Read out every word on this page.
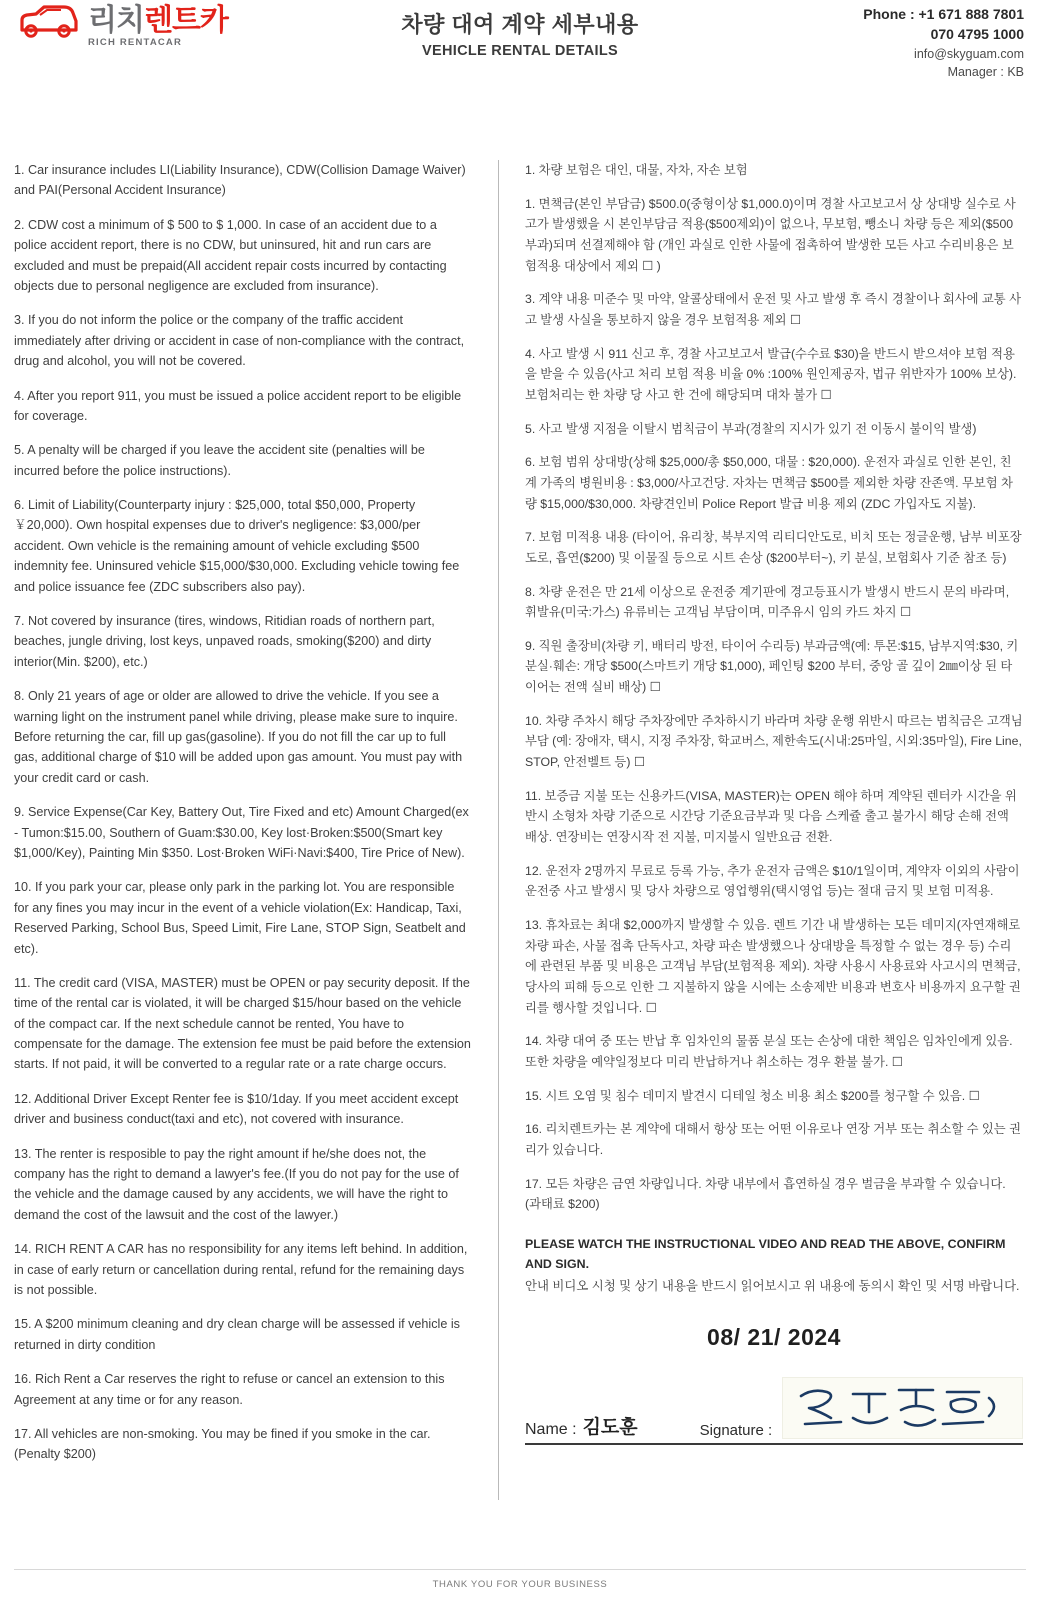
리치렌트카
RICH RENTACAR
차량 대여 계약 세부내용
VEHICLE RENTAL DETAILS
Phone : +1 671 888 7801
070 4795 1000
info@skyguam.com
Manager : KB
1. Car insurance includes LI(Liability Insurance), CDW(Collision Damage Waiver) and PAI(Personal Accident Insurance)
2. CDW cost a minimum of $ 500 to $ 1,000. In case of an accident due to a police accident report, there is no CDW, but uninsured, hit and run cars are excluded and must be prepaid(All accident repair costs incurred by contacting objects due to personal negligence are excluded from insurance).
3. If you do not inform the police or the company of the traffic accident immediately after driving or accident in case of non-compliance with the contract, drug and alcohol, you will not be covered.
4. After you report 911, you must be issued a police accident report to be eligible for coverage.
5. A penalty will be charged if you leave the accident site (penalties will be incurred before the police instructions).
6. Limit of Liability(Counterparty injury : $25,000, total $50,000, Property ￥20,000). Own hospital expenses due to driver's negligence: $3,000/per accident. Own vehicle is the remaining amount of vehicle excluding $500 indemnity fee. Uninsured vehicle $15,000/$30,000. Excluding vehicle towing fee and police issuance fee (ZDC subscribers also pay).
7. Not covered by insurance (tires, windows, Ritidian roads of northern part, beaches, jungle driving, lost keys, unpaved roads, smoking($200) and dirty interior(Min. $200), etc.)
8. Only 21 years of age or older are allowed to drive the vehicle. If you see a warning light on the instrument panel while driving, please make sure to inquire. Before returning the car, fill up gas(gasoline). If you do not fill the car up to full gas, additional charge of $10 will be added upon gas amount. You must pay with your credit card or cash.
9. Service Expense(Car Key, Battery Out, Tire Fixed and etc) Amount Charged(ex - Tumon:$15.00, Southern of Guam:$30.00, Key lost·Broken:$500(Smart key $1,000/Key), Painting Min $350. Lost·Broken WiFi·Navi:$400, Tire Price of New).
10. If you park your car, please only park in the parking lot. You are responsible for any fines you may incur in the event of a vehicle violation(Ex: Handicap, Taxi, Reserved Parking, School Bus, Speed Limit, Fire Lane, STOP Sign, Seatbelt and etc).
11. The credit card (VISA, MASTER) must be OPEN or pay security deposit. If the time of the rental car is violated, it will be charged $15/hour based on the vehicle of the compact car. If the next schedule cannot be rented, You have to compensate for the damage. The extension fee must be paid before the extension starts. If not paid, it will be converted to a regular rate or a rate charge occurs.
12. Additional Driver Except Renter fee is $10/1day. If you meet accident except driver and business conduct(taxi and etc), not covered with insurance.
13. The renter is resposible to pay the right amount if he/she does not, the company has the right to demand a lawyer's fee.(If you do not pay for the use of the vehicle and the damage caused by any accidents, we will have the right to demand the cost of the lawsuit and the cost of the lawyer.)
14. RICH RENT A CAR has no responsibility for any items left behind. In addition, in case of early return or cancellation during rental, refund for the remaining days is not possible.
15. A $200 minimum cleaning and dry clean charge will be assessed if vehicle is returned in dirty condition
16. Rich Rent a Car reserves the right to refuse or cancel an extension to this Agreement at any time or for any reason.
17. All vehicles are non-smoking. You may be fined if you smoke in the car. (Penalty $200)
1. 차량 보험은 대인, 대물, 자차, 자손 보험
1. 면책금(본인 부담금) $500.0(중형이상 $1,000.0)이며 경찰 사고보고서 상 상대방 실수로 사고가 발생했을 시 본인부담금 적용($500제외)이 없으나, 무보험, 뺑소니 차량 등은 제외($500 부과)되며 선결제해야 함 (개인 과실로 인한 사물에 접촉하여 발생한 모든 사고 수리비용은 보험적용 대상에서 제외 ☐ )
3. 계약 내용 미준수 및 마약, 알콜상태에서 운전 및 사고 발생 후 즉시 경찰이나 회사에 교통 사고 발생 사실을 통보하지 않을 경우 보험적용 제외 ☐
4. 사고 발생 시 911 신고 후, 경찰 사고보고서 발급(수수료 $30)을 반드시 받으셔야 보험 적용을 받을 수 있음(사고 처리 보험 적용 비율 0% :100% 원인제공자, 법규 위반자가 100% 보상). 보험처리는 한 차량 당 사고 한 건에 해당되며 대차 불가 ☐
5. 사고 발생 지점을 이탈시 범칙금이 부과(경찰의 지시가 있기 전 이동시 불이익 발생)
6. 보험 범위 상대방(상해 $25,000/총 $50,000, 대물 : $20,000). 운전자 과실로 인한 본인, 친계 가족의 병원비용 : $3,000/사고건당. 자차는 면책금 $500를 제외한 차량 잔존액. 무보험 차량 $15,000/$30,000. 차량견인비 Police Report 발급 비용 제외 (ZDC 가입자도 지불).
7. 보험 미적용 내용 (타이어, 유리창, 북부지역 리티디안도로, 비치 또는 정글운행, 남부 비포장도로, 흡연($200) 및 이물질 등으로 시트 손상 ($200부터~), 키 분실, 보험회사 기준 참조 등)
8. 차량 운전은 만 21세 이상으로 운전중 계기판에 경고등표시가 발생시 반드시 문의 바라며, 휘발유(미국:가스) 유류비는 고객님 부담이며, 미주유시 임의 카드 차지 ☐
9. 직원 출장비(차량 키, 배터리 방전, 타이어 수리등) 부과금액(예: 투몬:$15, 남부지역:$30, 키분실·훼손: 개당 $500(스마트키 개당 $1,000), 페인팅 $200 부터, 중앙 골 깊이 2㎜이상 된 타이어는 전액 실비 배상) ☐
10. 차량 주차시 해당 주차장에만 주차하시기 바라며 차량 운행 위반시 따르는 범칙금은 고객님 부담 (예: 장애자, 택시, 지정 주차장, 학교버스, 제한속도(시내:25마일, 시외:35마일), Fire Line, STOP, 안전벨트 등) ☐
11. 보증금 지불 또는 신용카드(VISA, MASTER)는 OPEN 해야 하며 계약된 렌터카 시간을 위반시 소형차 차량 기준으로 시간당 기준요금부과 및 다음 스케쥴 출고 불가시 해당 손해 전액 배상. 연장비는 연장시작 전 지불, 미지불시 일반요금 전환.
12. 운전자 2명까지 무료로 등록 가능, 추가 운전자 금액은 $10/1일이며, 계약자 이외의 사람이 운전중 사고 발생시 및 당사 차량으로 영업행위(택시영업 등)는 절대 금지 및 보험 미적용.
13. 휴차료는 최대 $2,000까지 발생할 수 있음. 렌트 기간 내 발생하는 모든 데미지(자연재해로 차량 파손, 사물 접촉 단독사고, 차량 파손 발생했으나 상대방을 특정할 수 없는 경우 등) 수리에 관련된 부품 및 비용은 고객님 부담(보험적용 제외). 차량 사용시 사용료와 사고시의 면책금, 당사의 피해 등으로 인한 그 지불하지 않을 시에는 소송제반 비용과 변호사 비용까지 요구할 권리를 행사할 것입니다. ☐
14. 차량 대여 중 또는 반납 후 임차인의 물품 분실 또는 손상에 대한 책임은 임차인에게 있음. 또한 차량을 예약일정보다 미리 반납하거나 취소하는 경우 환불 불가. ☐
15. 시트 오염 및 침수 데미지 발견시 디테일 청소 비용 최소 $200를 청구할 수 있음. ☐
16. 리치렌트카는 본 계약에 대해서 항상 또는 어떤 이유로나 연장 거부 또는 취소할 수 있는 권리가 있습니다.
17. 모든 차량은 금연 차량입니다. 차량 내부에서 흡연하실 경우 벌금을 부과할 수 있습니다. (과태료 $200)
PLEASE WATCH THE INSTRUCTIONAL VIDEO AND READ THE ABOVE, CONFIRM AND SIGN.
안내 비디오 시청 및 상기 내용을 반드시 읽어보시고 위 내용에 동의시 확인 및 서명 바랍니다.
08/ 21/ 2024
Name : 김도훈	Signature :
THANK YOU FOR YOUR BUSINESS
